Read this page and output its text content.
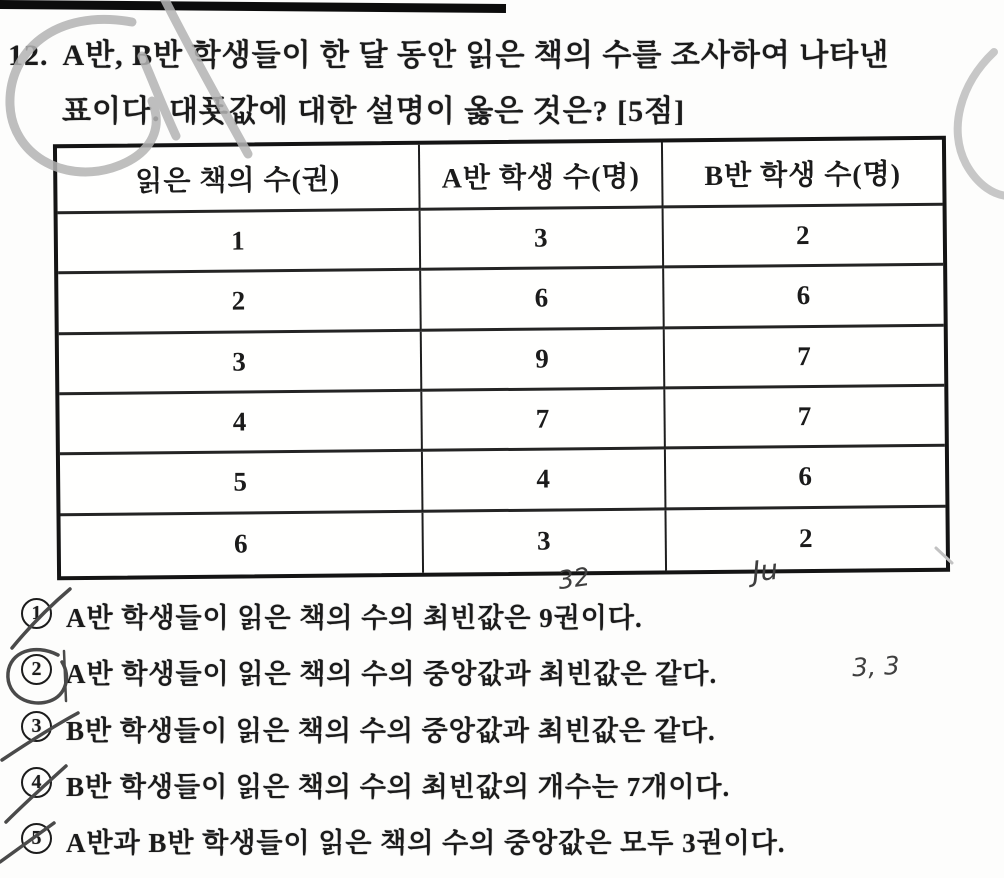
12. A반, B반 학생들이 한 달 동안 읽은 책의 수를 조사하여 나타낸
표이다. 대푯값에 대한 설명이 옳은 것은? [5점]
읽은 책의 수(권)	A반 학생 수(명)	B반 학생 수(명)
1	3	2
2	6	6
3	9	7
4	7	7
5	4	6
6	3	2
1 A반 학생들이 읽은 책의 수의 최빈값은 9권이다.
2 A반 학생들이 읽은 책의 수의 중앙값과 최빈값은 같다.
3 B반 학생들이 읽은 책의 수의 중앙값과 최빈값은 같다.
4 B반 학생들이 읽은 책의 수의 최빈값의 개수는 7개이다.
5 A반과 B반 학생들이 읽은 책의 수의 중앙값은 모두 3권이다.
32	Ju
3, 3
